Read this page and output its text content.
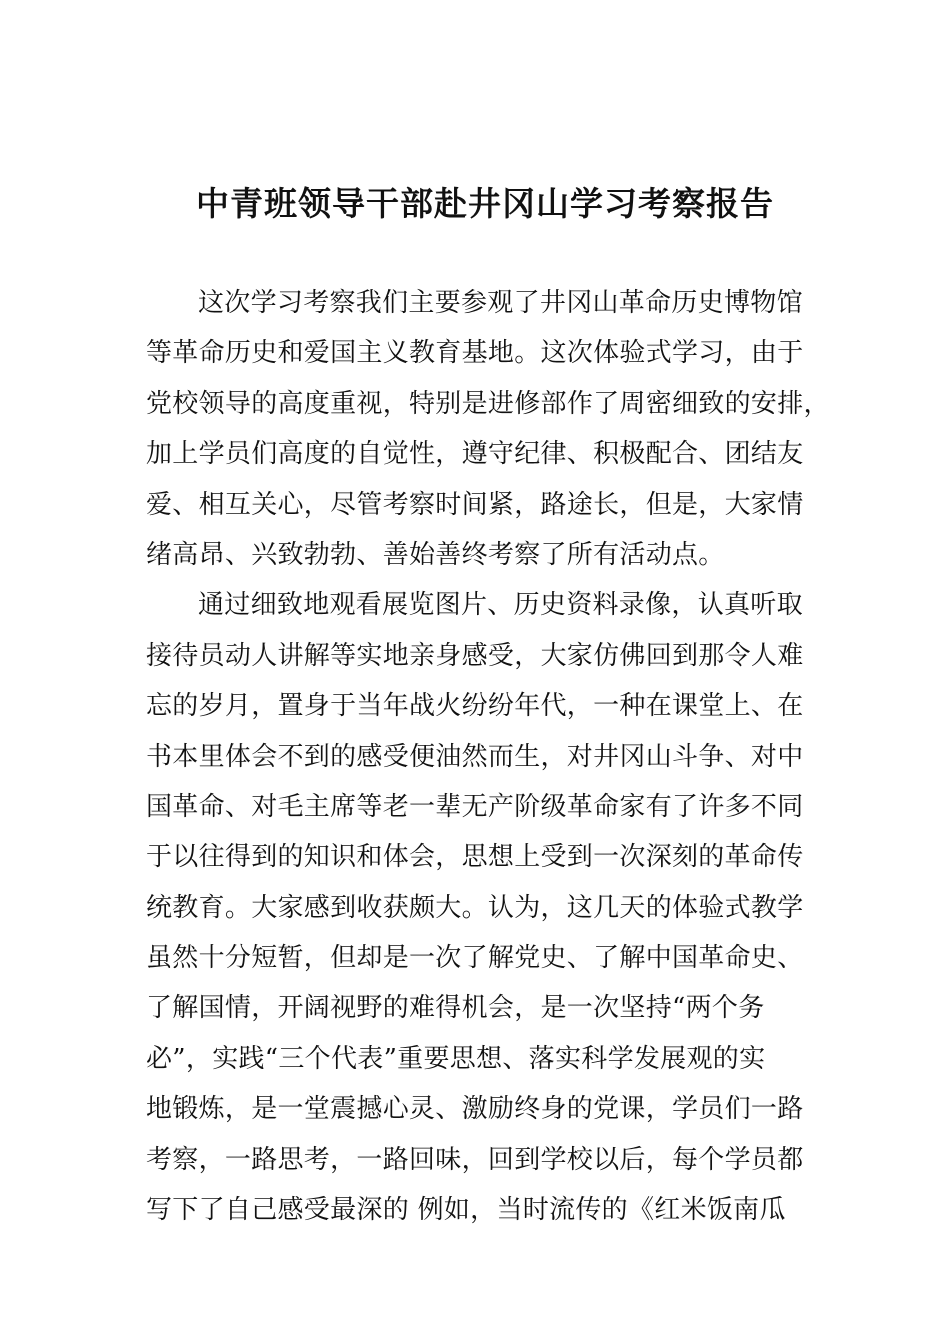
中青班领导干部赴井冈山学习考察报告
这次学习考察我们主要参观了井冈山革命历史博物馆
等革命历史和爱国主义教育基地。这次体验式学习，由于
党校领导的高度重视，特别是进修部作了周密细致的安排，
加上学员们高度的自觉性，遵守纪律、积极配合、团结友
爱、相互关心，尽管考察时间紧，路途长，但是，大家情
绪高昂、兴致勃勃、善始善终考察了所有活动点。
通过细致地观看展览图片、历史资料录像，认真听取
接待员动人讲解等实地亲身感受，大家仿佛回到那令人难
忘的岁月，置身于当年战火纷纷年代，一种在课堂上、在
书本里体会不到的感受便油然而生，对井冈山斗争、对中
国革命、对毛主席等老一辈无产阶级革命家有了许多不同
于以往得到的知识和体会，思想上受到一次深刻的革命传
统教育。大家感到收获颇大。认为，这几天的体验式教学
虽然十分短暂，但却是一次了解党史、了解中国革命史、
了解国情，开阔视野的难得机会，是一次坚持“两个务
必”，实践“三个代表”重要思想、落实科学发展观的实
地锻炼，是一堂震撼心灵、激励终身的党课，学员们一路
考察，一路思考，一路回味，回到学校以后，每个学员都
写下了自己感受最深的 例如，当时流传的《红米饭南瓜
